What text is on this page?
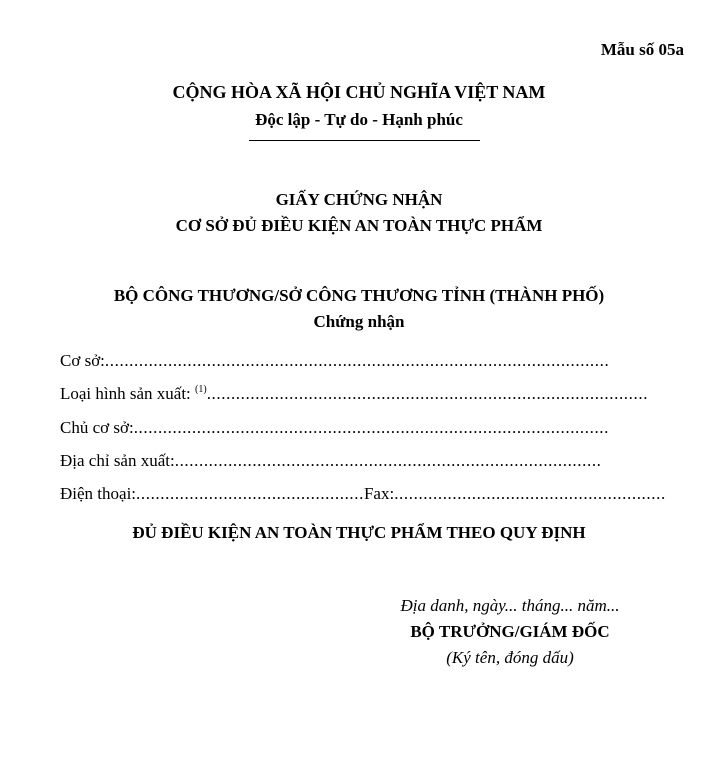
Mẫu số 05a
CỘNG HÒA XÃ HỘI CHỦ NGHĨA VIỆT NAM
Độc lập - Tự do - Hạnh phúc
GIẤY CHỨNG NHẬN
CƠ SỞ ĐỦ ĐIỀU KIỆN AN TOÀN THỰC PHẨM
BỘ CÔNG THƯƠNG/SỞ CÔNG THƯƠNG TỈNH (THÀNH PHỐ)
Chứng nhận
Cơ sở:........................................................................................................
Loại hình sản xuất: $^{(1)}$...........................................................................................
Chủ cơ sở:..................................................................................................
Địa chỉ sản xuất:........................................................................................
Điện thoại:...............................................Fax:........................................................
ĐỦ ĐIỀU KIỆN AN TOÀN THỰC PHẨM THEO QUY ĐỊNH
Địa danh, ngày... tháng... năm...
BỘ TRƯỞNG/GIÁM ĐỐC
(Ký tên, đóng dấu)
